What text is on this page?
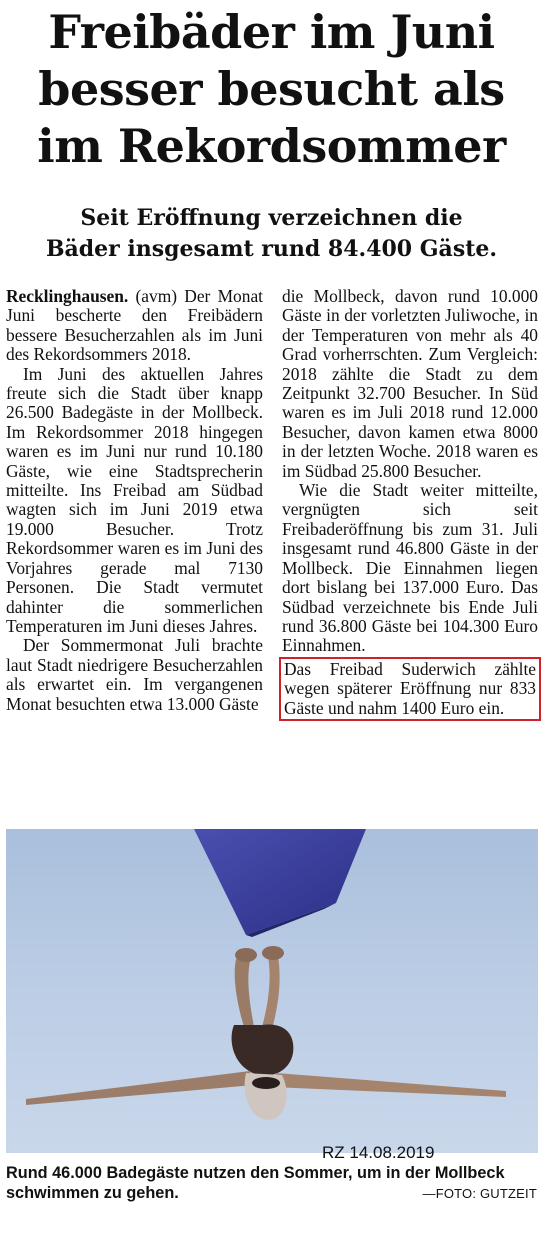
Freibäder im Juni
besser besucht als
im Rekordsommer
Seit Eröffnung verzeichnen die
Bäder insgesamt rund 84.400 Gäste.

Recklinghausen. (avm) Der Monat Juni bescherte den Freibädern bessere Besucherzahlen als im Juni des Rekordsommers 2018.

Im Juni des aktuellen Jahres freute sich die Stadt über knapp 26.500 Badegäste in der Mollbeck. Im Rekordsommer 2018 hingegen waren es im Juni nur rund 10.180 Gäste, wie eine Stadtsprecherin mitteilte. Ins Freibad am Südbad wagten sich im Juni 2019 etwa 19.000 Besucher. Trotz Rekordsommer waren es im Juni des Vorjahres gerade mal 7130 Personen. Die Stadt vermutet dahinter die sommerlichen Temperaturen im Juni dieses Jahres.

Der Sommermonat Juli brachte laut Stadt niedrigere Besucherzahlen als erwartet ein. Im vergangenen Monat besuchten etwa 13.000 Gäste

die Mollbeck, davon rund 10.000 Gäste in der vorletzten Juliwoche, in der Temperaturen von mehr als 40 Grad vorherrschten. Zum Vergleich: 2018 zählte die Stadt zu dem Zeitpunkt 32.700 Besucher. In Süd waren es im Juli 2018 rund 12.000 Besucher, davon kamen etwa 8000 in der letzten Woche. 2018 waren es im Südbad 25.800 Besucher.

Wie die Stadt weiter mitteilte, vergnügten sich seit Freibaderöffnung bis zum 31. Juli insgesamt rund 46.800 Gäste in der Mollbeck. Die Einnahmen liegen dort bislang bei 137.000 Euro. Das Südbad verzeichnete bis Ende Juli rund 36.800 Gäste bei 104.300 Euro Einnahmen.

Das Freibad Suderwich zählte wegen späterer Eröffnung nur 833 Gäste und nahm 1400 Euro ein.

RZ 14.08.2019
Rund 46.000 Badegäste nutzen den Sommer, um in der Mollbeck schwimmen zu gehen.	—FOTO: GUTZEIT
